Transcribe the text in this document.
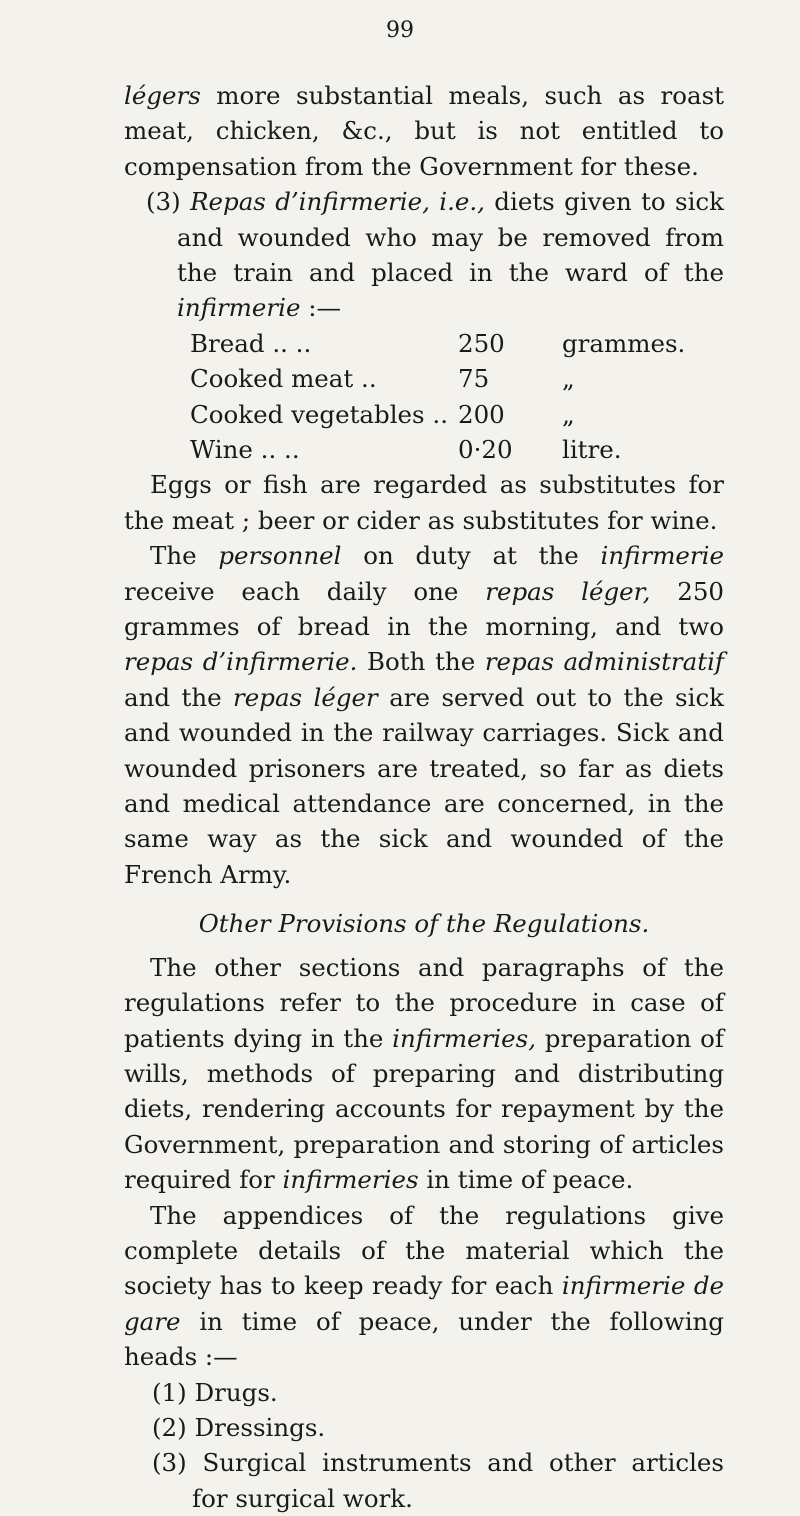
99

légers more substantial meals, such as roast meat, chicken, &c., but is not entitled to compensation from the Government for these.

(3) Repas d’infirmerie, i.e., diets given to sick and wounded who may be removed from the train and placed in the ward of the infirmerie :—

Bread .. ..	250	grammes.
Cooked meat ..	75	„
Cooked vegetables .. 200	„
Wine .. ..	0·20	litre.

Eggs or fish are regarded as substitutes for the meat ; beer or cider as substitutes for wine.

The personnel on duty at the infirmerie receive each daily one repas léger, 250 grammes of bread in the morning, and two repas d’infirmerie. Both the repas administratif and the repas léger are served out to the sick and wounded in the railway carriages. Sick and wounded prisoners are treated, so far as diets and medical attendance are concerned, in the same way as the sick and wounded of the French Army.

Other Provisions of the Regulations.

The other sections and paragraphs of the regulations refer to the procedure in case of patients dying in the infirmeries, preparation of wills, methods of preparing and distributing diets, rendering accounts for repayment by the Government, preparation and storing of articles required for infirmeries in time of peace.

The appendices of the regulations give complete details of the material which the society has to keep ready for each infirmerie de gare in time of peace, under the following heads :—

(1) Drugs.
(2) Dressings.
(3) Surgical instruments and other articles for surgical work.
